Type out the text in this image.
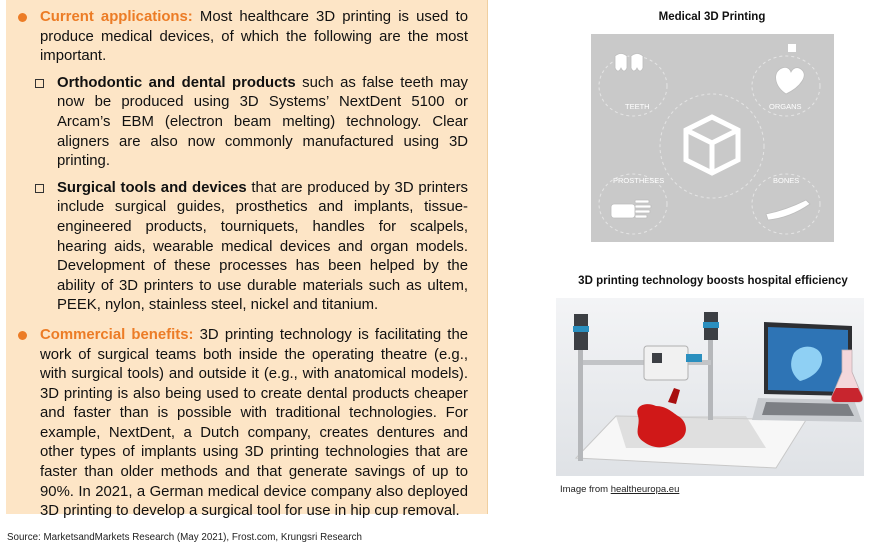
Current applications: Most healthcare 3D printing is used to produce medical devices, of which the following are the most important.
Orthodontic and dental products such as false teeth may now be produced using 3D Systems’ NextDent 5100 or Arcam’s EBM (electron beam melting) technology. Clear aligners are also now commonly manufactured using 3D printing.
Surgical tools and devices that are produced by 3D printers include surgical guides, prosthetics and implants, tissue-engineered products, tourniquets, handles for scalpels, hearing aids, wearable medical devices and organ models. Development of these processes has been helped by the ability of 3D printers to use durable materials such as ultem, PEEK, nylon, stainless steel, nickel and titanium.
Commercial benefits: 3D printing technology is facilitating the work of surgical teams both inside the operating theatre (e.g., with surgical tools) and outside it (e.g., with anatomical models). 3D printing is also being used to create dental products cheaper and faster than is possible with traditional technologies. For example, NextDent, a Dutch company, creates dentures and other types of implants using 3D printing technologies that are faster than older methods and that generate savings of up to 90%. In 2021, a German medical device company also deployed 3D printing to develop a surgical tool for use in hip cup removal.
Medical 3D Printing
TEETH	ORGANS
PROSTHESES	BONES
3D printing technology boosts hospital efficiency
Image from healtheuropa.eu
Source: MarketsandMarkets Research (May 2021), Frost.com, Krungsri Research
